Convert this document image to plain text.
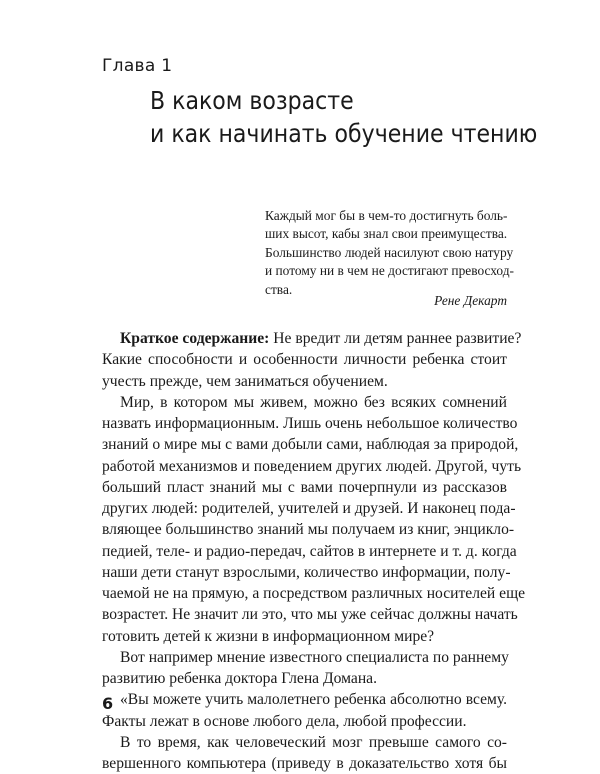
Глава 1
В каком возрасте
и как начинать обучение чтению
Каждый мог бы в чем-то достигнуть боль-
ших высот, кабы знал свои преимущества.
Большинство людей насилуют свою натуру
и потому ни в чем не достигают превосход-
ства.
Рене Декарт
Краткое содержание: Не вредит ли детям раннее развитие?
Какие способности и особенности личности ребенка стоит
учесть прежде, чем заниматься обучением.
Мир, в котором мы живем, можно без всяких сомнений
назвать информационным. Лишь очень небольшое количество
знаний о мире мы с вами добыли сами, наблюдая за природой,
работой механизмов и поведением других людей. Другой, чуть
больший пласт знаний мы с вами почерпнули из рассказов
других людей: родителей, учителей и друзей. И наконец пода-
вляющее большинство знаний мы получаем из книг, энцикло-
педией, теле- и радио-передач, сайтов в интернете и т. д. когда
наши дети станут взрослыми, количество информации, полу-
чаемой не на прямую, а посредством различных носителей еще
возрастет. Не значит ли это, что мы уже сейчас должны начать
готовить детей к жизни в информационном мире?
Вот например мнение известного специалиста по раннему
развитию ребенка доктора Глена Домана.
«Вы можете учить малолетнего ребенка абсолютно всему.
Факты лежат в основе любого дела, любой профессии.
В то время, как человеческий мозг превыше самого со-
вершенного компьютера (приведу в доказательство хотя бы
6
